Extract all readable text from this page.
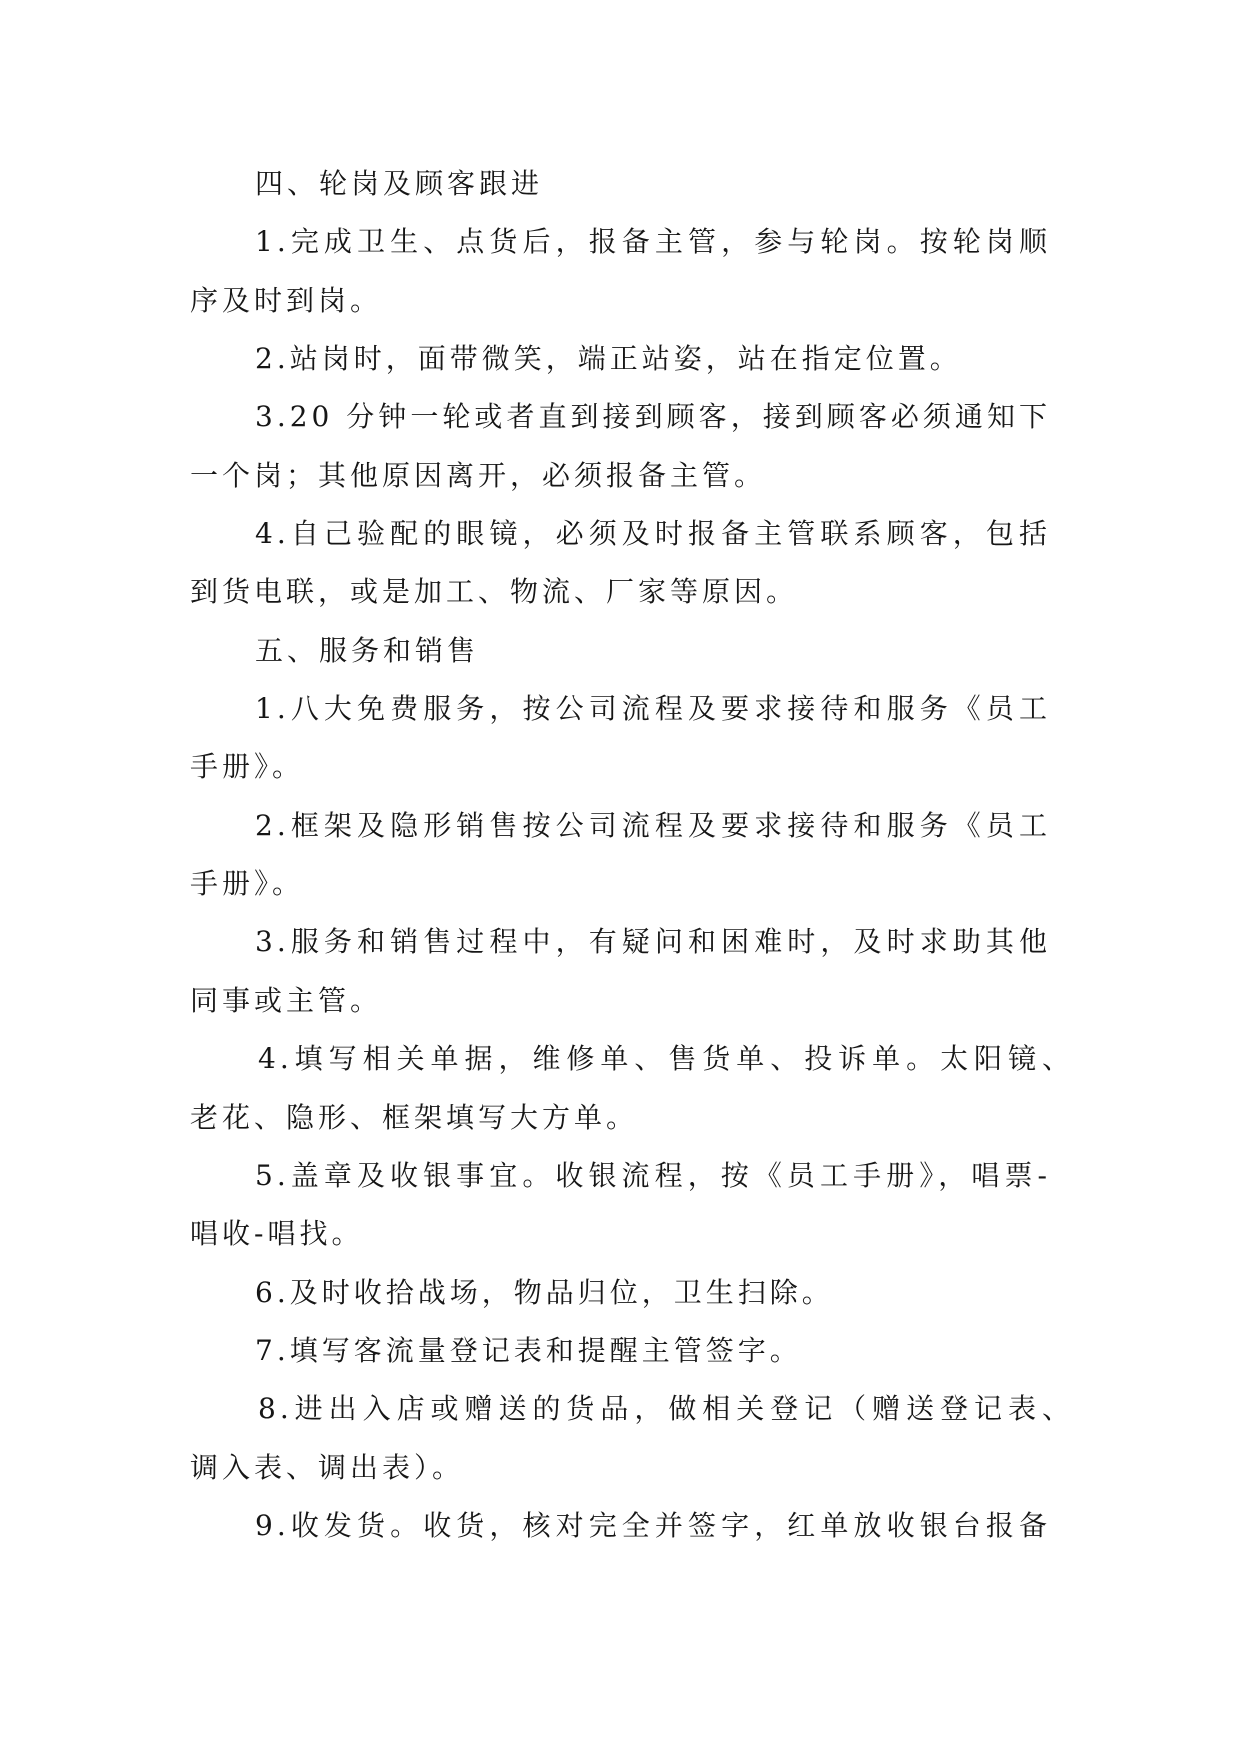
四、轮岗及顾客跟进
1.完成卫生、点货后，报备主管，参与轮岗。按轮岗顺
序及时到岗。
2.站岗时，面带微笑，端正站姿，站在指定位置。
3.20 分钟一轮或者直到接到顾客，接到顾客必须通知下
一个岗；其他原因离开，必须报备主管。
4.自己验配的眼镜，必须及时报备主管联系顾客，包括
到货电联，或是加工、物流、厂家等原因。
五、服务和销售
1.八大免费服务，按公司流程及要求接待和服务《员工
手册》。
2.框架及隐形销售按公司流程及要求接待和服务《员工
手册》。
3.服务和销售过程中，有疑问和困难时，及时求助其他
同事或主管。
4.填写相关单据，维修单、售货单、投诉单。太阳镜、
老花、隐形、框架填写大方单。
5.盖章及收银事宜。收银流程，按《员工手册》，唱票-
唱收-唱找。
6.及时收拾战场，物品归位，卫生扫除。
7.填写客流量登记表和提醒主管签字。
8.进出入店或赠送的货品，做相关登记（赠送登记表、
调入表、调出表）。
9.收发货。收货，核对完全并签字，红单放收银台报备
